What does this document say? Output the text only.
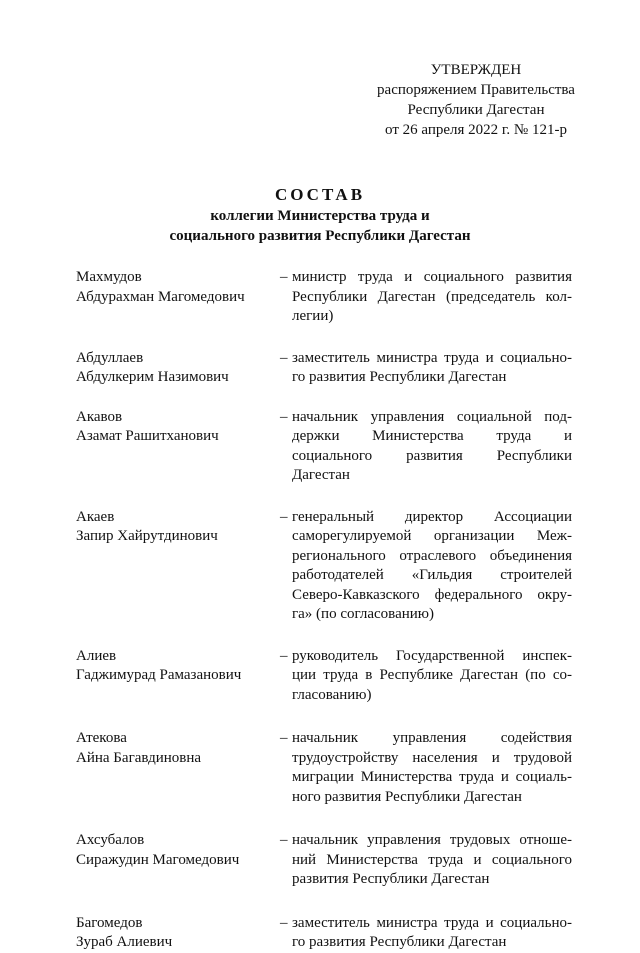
УТВЕРЖДЕН
распоряжением Правительства
Республики Дагестан
от 26 апреля 2022 г. № 121-р
СОСТАВ
коллегии Министерства труда и
социального развития Республики Дагестан
Махмудов
Абдурахман Магомедович
– министр труда и социального развития
Республики Дагестан (председатель кол-
легии)
Абдуллаев
Абдулкерим Назимович
– заместитель министра труда и социально-
го развития Республики Дагестан
Акавов
Азамат Рашитханович
– начальник управления социальной под-
держки Министерства труда и
социального развития Республики
Дагестан
Акаев
Запир Хайрутдинович
– генеральный директор Ассоциации
саморегулируемой организации Меж-
регионального отраслевого объединения
работодателей «Гильдия строителей
Северо-Кавказского федерального окру-
га» (по согласованию)
Алиев
Гаджимурад Рамазанович
– руководитель Государственной инспек-
ции труда в Республике Дагестан (по со-
гласованию)
Атекова
Айна Багавдиновна
– начальник управления содействия
трудоустройству населения и трудовой
миграции Министерства труда и социаль-
ного развития Республики Дагестан
Ахсубалов
Сиражудин Магомедович
– начальник управления трудовых отноше-
ний Министерства труда и социального
развития Республики Дагестан
Багомедов
Зураб Алиевич
– заместитель министра труда и социально-
го развития Республики Дагестан
